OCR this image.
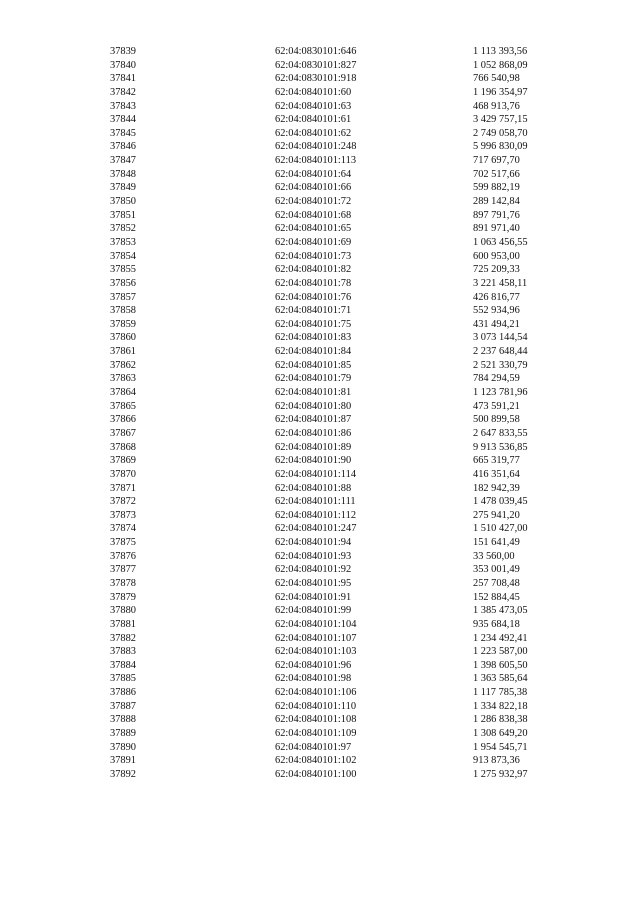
37839	62:04:0830101:646	1 113 393,56
37840	62:04:0830101:827	1 052 868,09
37841	62:04:0830101:918	766 540,98
37842	62:04:0840101:60	1 196 354,97
37843	62:04:0840101:63	468 913,76
37844	62:04:0840101:61	3 429 757,15
37845	62:04:0840101:62	2 749 058,70
37846	62:04:0840101:248	5 996 830,09
37847	62:04:0840101:113	717 697,70
37848	62:04:0840101:64	702 517,66
37849	62:04:0840101:66	599 882,19
37850	62:04:0840101:72	289 142,84
37851	62:04:0840101:68	897 791,76
37852	62:04:0840101:65	891 971,40
37853	62:04:0840101:69	1 063 456,55
37854	62:04:0840101:73	600 953,00
37855	62:04:0840101:82	725 209,33
37856	62:04:0840101:78	3 221 458,11
37857	62:04:0840101:76	426 816,77
37858	62:04:0840101:71	552 934,96
37859	62:04:0840101:75	431 494,21
37860	62:04:0840101:83	3 073 144,54
37861	62:04:0840101:84	2 237 648,44
37862	62:04:0840101:85	2 521 330,79
37863	62:04:0840101:79	784 294,59
37864	62:04:0840101:81	1 123 781,96
37865	62:04:0840101:80	473 591,21
37866	62:04:0840101:87	500 899,58
37867	62:04:0840101:86	2 647 833,55
37868	62:04:0840101:89	9 913 536,85
37869	62:04:0840101:90	665 319,77
37870	62:04:0840101:114	416 351,64
37871	62:04:0840101:88	182 942,39
37872	62:04:0840101:111	1 478 039,45
37873	62:04:0840101:112	275 941,20
37874	62:04:0840101:247	1 510 427,00
37875	62:04:0840101:94	151 641,49
37876	62:04:0840101:93	33 560,00
37877	62:04:0840101:92	353 001,49
37878	62:04:0840101:95	257 708,48
37879	62:04:0840101:91	152 884,45
37880	62:04:0840101:99	1 385 473,05
37881	62:04:0840101:104	935 684,18
37882	62:04:0840101:107	1 234 492,41
37883	62:04:0840101:103	1 223 587,00
37884	62:04:0840101:96	1 398 605,50
37885	62:04:0840101:98	1 363 585,64
37886	62:04:0840101:106	1 117 785,38
37887	62:04:0840101:110	1 334 822,18
37888	62:04:0840101:108	1 286 838,38
37889	62:04:0840101:109	1 308 649,20
37890	62:04:0840101:97	1 954 545,71
37891	62:04:0840101:102	913 873,36
37892	62:04:0840101:100	1 275 932,97
